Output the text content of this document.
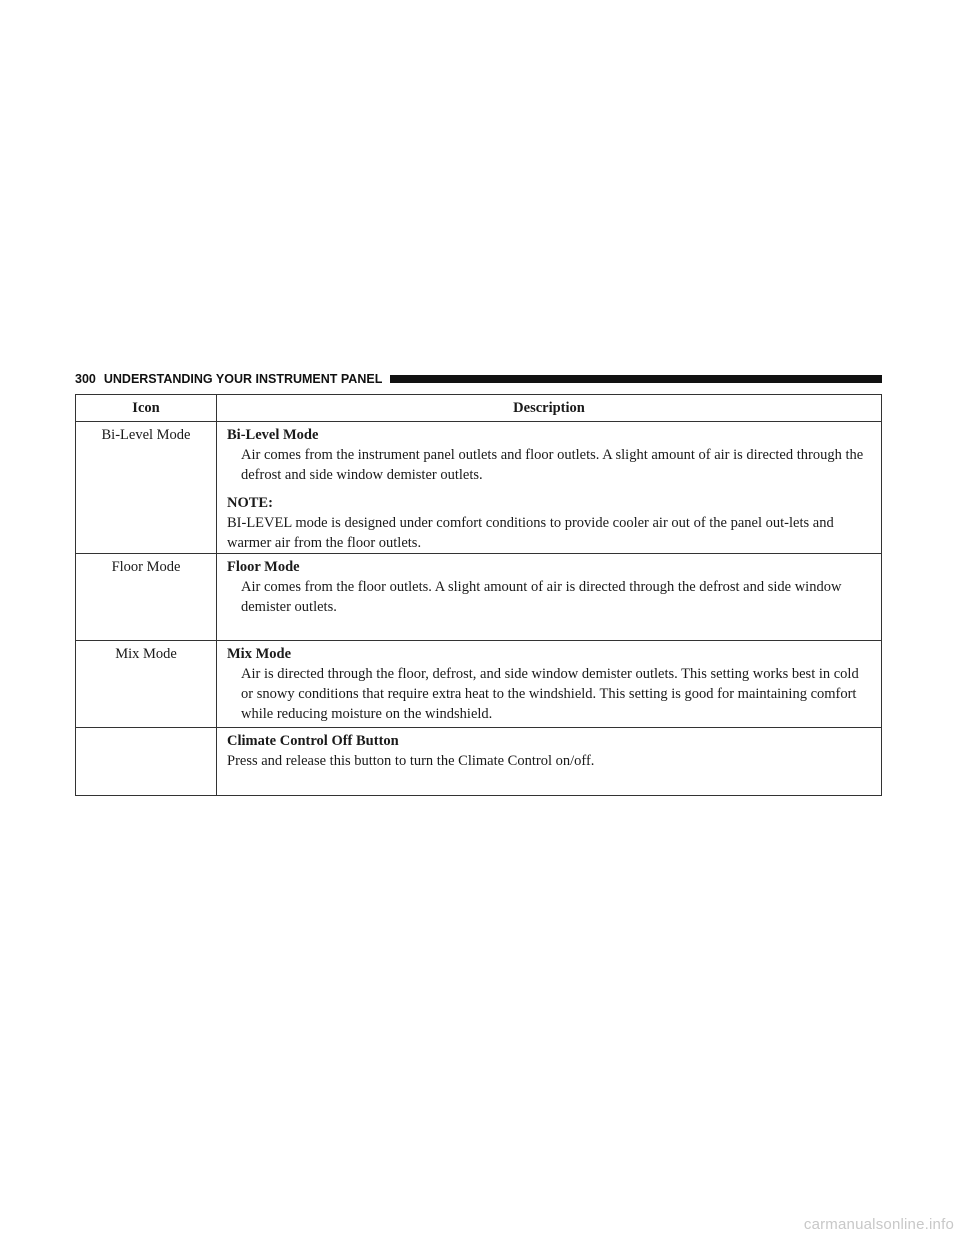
300 UNDERSTANDING YOUR INSTRUMENT PANEL
Icon	Description
Bi-Level Mode	Bi-Level Mode
Air comes from the instrument panel outlets and floor outlets. A slight amount of air is directed through the defrost and side window demister outlets.
NOTE:
BI-LEVEL mode is designed under comfort conditions to provide cooler air out of the panel out-lets and warmer air from the floor outlets.

Floor Mode	Floor Mode
Air comes from the floor outlets. A slight amount of air is directed through the defrost and side window demister outlets.

Mix Mode	Mix Mode
Air is directed through the floor, defrost, and side window demister outlets. This setting works best in cold or snowy conditions that require extra heat to the windshield. This setting is good for maintaining comfort while reducing moisture on the windshield.

	Climate Control Off Button
Press and release this button to turn the Climate Control on/off.
carmanualsonline.info
